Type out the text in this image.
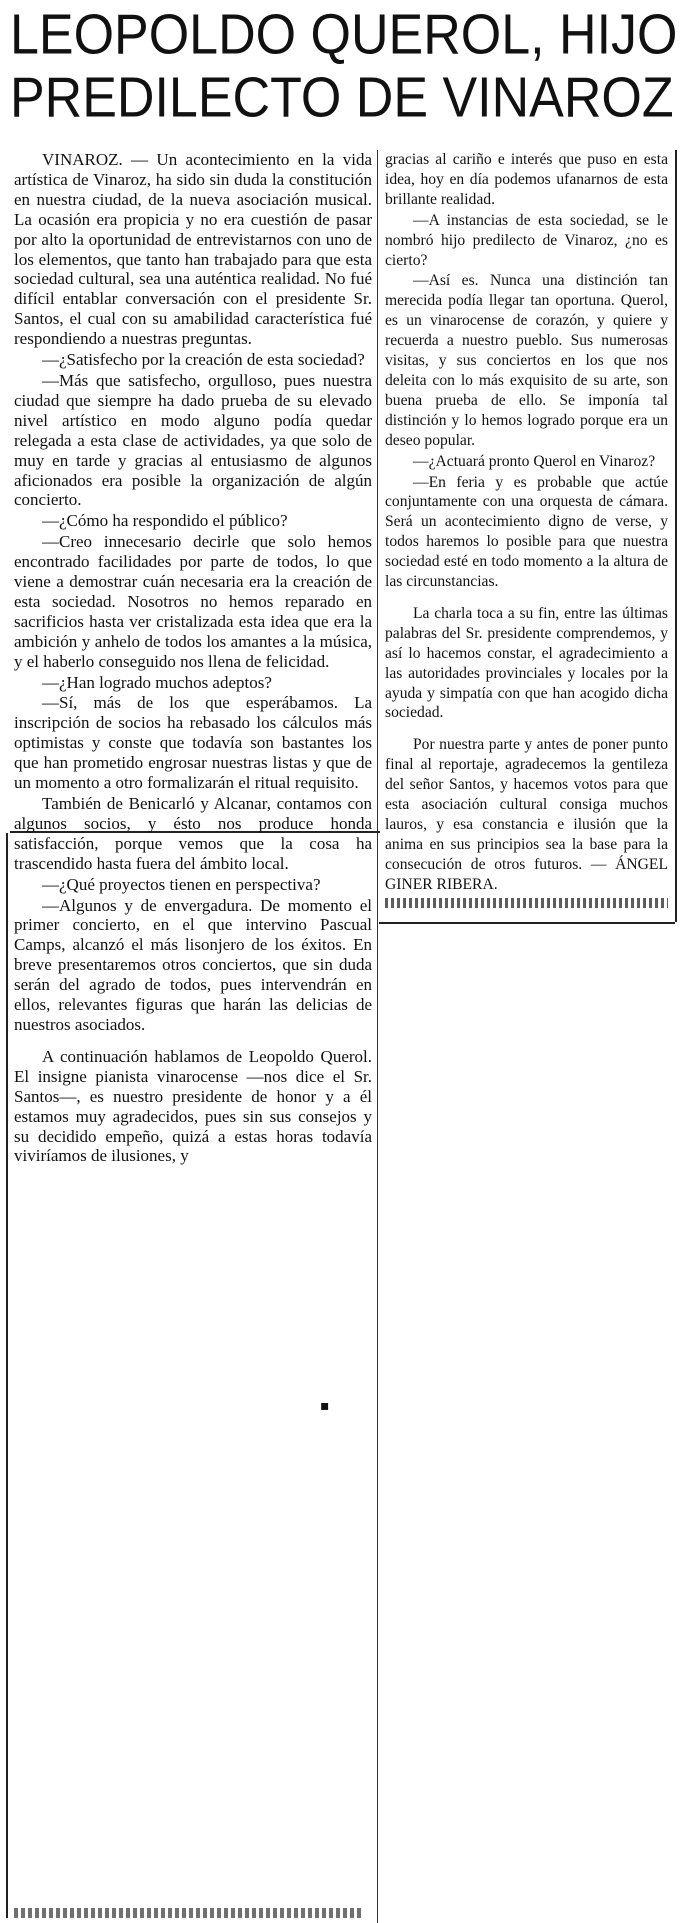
LEOPOLDO QUEROL, HIJO
PREDILECTO DE VINAROZ

VINAROZ. — Un acontecimiento en la vida artística de Vinaroz, ha sido sin duda la constitución en nuestra ciudad, de la nueva asociación musical. La ocasión era propicia y no era cuestión de pasar por alto la oportunidad de entrevistarnos con uno de los elementos, que tanto han trabajado para que esta sociedad cultural, sea una auténtica realidad. No fué difícil entablar conversación con el presidente Sr. Santos, el cual con su amabilidad característica fué respondiendo a nuestras preguntas.

—¿Satisfecho por la creación de esta sociedad?

—Más que satisfecho, orgulloso, pues nuestra ciudad que siempre ha dado prueba de su elevado nivel artístico en modo alguno podía quedar relegada a esta clase de actividades, ya que solo de muy en tarde y gracias al entusiasmo de algunos aficionados era posible la organización de algún concierto.

—¿Cómo ha respondido el público?

—Creo innecesario decirle que solo hemos encontrado facilidades por parte de todos, lo que viene a demostrar cuán necesaria era la creación de esta sociedad. Nosotros no hemos reparado en sacrificios hasta ver cristalizada esta idea que era la ambición y anhelo de todos los amantes a la música, y el haberlo conseguido nos llena de felicidad.

—¿Han logrado muchos adeptos?

—Sí, más de los que esperábamos. La inscripción de socios ha rebasado los cálculos más optimistas y conste que todavía son bastantes los que han prometido engrosar nuestras listas y que de un momento a otro formalizarán el ritual requisito.

También de Benicarló y Alcanar, contamos con algunos socios, y ésto nos produce honda satisfacción, porque vemos que la cosa ha trascendido hasta fuera del ámbito local.

—¿Qué proyectos tienen en perspectiva?

—Algunos y de envergadura. De momento el primer concierto, en el que intervino Pascual Camps, alcanzó el más lisonjero de los éxitos. En breve presentaremos otros conciertos, que sin duda serán del agrado de todos, pues intervendrán en ellos, relevantes figuras que harán las delicias de nuestros asociados.

A continuación hablamos de Leopoldo Querol. El insigne pianista vinarocense —nos dice el Sr. Santos—, es nuestro presidente de honor y a él estamos muy agradecidos, pues sin sus consejos y su decidido empeño, quizá a estas horas todavía viviríamos de ilusiones, y

gracias al cariño e interés que puso en esta idea, hoy en día podemos ufanarnos de esta brillante realidad.

—A instancias de esta sociedad, se le nombró hijo predilecto de Vinaroz, ¿no es cierto?

—Así es. Nunca una distinción tan merecida podía llegar tan oportuna. Querol, es un vinarocense de corazón, y quiere y recuerda a nuestro pueblo. Sus numerosas visitas, y sus conciertos en los que nos deleita con lo más exquisito de su arte, son buena prueba de ello. Se imponía tal distinción y lo hemos logrado porque era un deseo popular.

—¿Actuará pronto Querol en Vinaroz?

—En feria y es probable que actúe conjuntamente con una orquesta de cámara. Será un acontecimiento digno de verse, y todos haremos lo posible para que nuestra sociedad esté en todo momento a la altura de las circunstancias.

La charla toca a su fin, entre las últimas palabras del Sr. presidente comprendemos, y así lo hacemos constar, el agradecimiento a las autoridades provinciales y locales por la ayuda y simpatía con que han acogido dicha sociedad.

Por nuestra parte y antes de poner punto final al reportaje, agradecemos la gentileza del señor Santos, y hacemos votos para que esta asociación cultural consiga muchos lauros, y esa constancia e ilusión que la anima en sus principios sea la base para la consecución de otros futuros. — ÁNGEL GINER RIBERA.

▪
